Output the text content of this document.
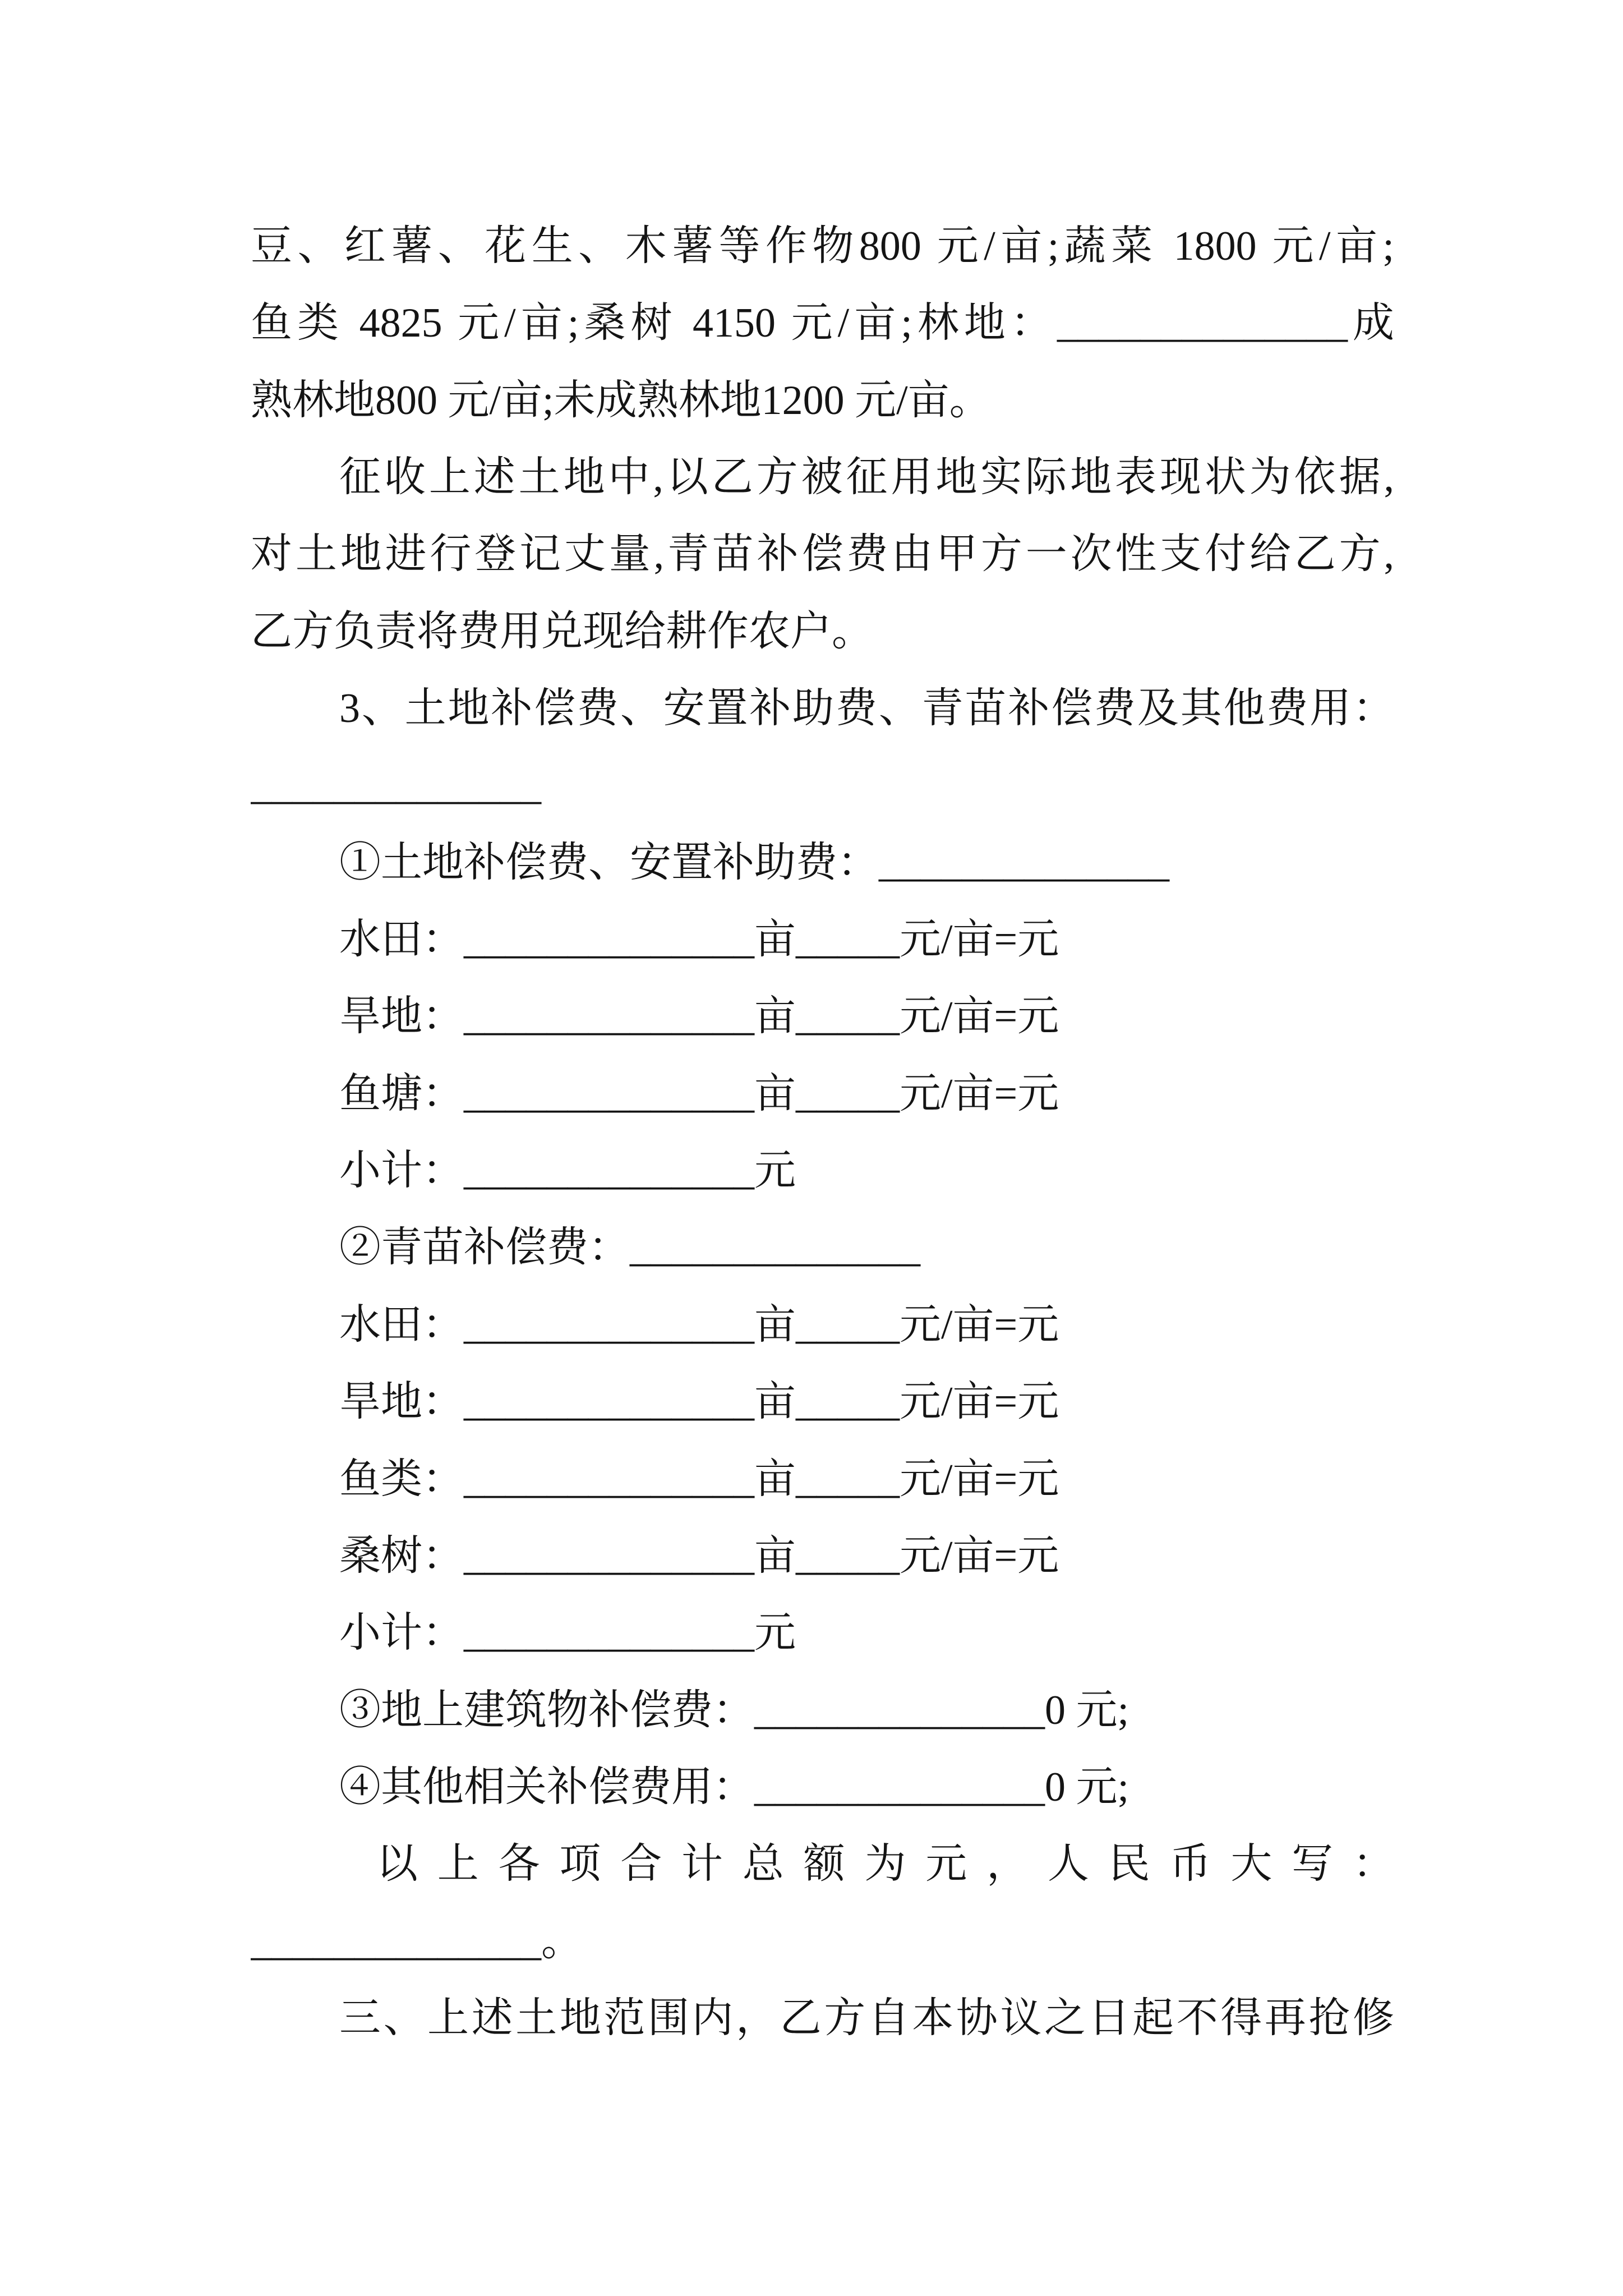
豆、红薯、花生、木薯等作物800 元/亩;蔬菜 1800 元/亩;
鱼类 4825 元/亩;桑树 4150 元/亩;林地：______________成
熟林地800 元/亩;未成熟林地1200 元/亩。
征收上述土地中,以乙方被征用地实际地表现状为依据,
对土地进行登记丈量,青苗补偿费由甲方一次性支付给乙方,
乙方负责将费用兑现给耕作农户。
3、土地补偿费、安置补助费、青苗补偿费及其他费用：
______________
①土地补偿费、安置补助费：______________
水田：______________亩_____元/亩=元
旱地：______________亩_____元/亩=元
鱼塘：______________亩_____元/亩=元
小计：______________元
②青苗补偿费：______________
水田：______________亩_____元/亩=元
旱地：______________亩_____元/亩=元
鱼类：______________亩_____元/亩=元
桑树：______________亩_____元/亩=元
小计：______________元
③地上建筑物补偿费：______________0 元;
④其他相关补偿费用：______________0 元;
以上各项合计总额为元，人民币大写：
______________。
三、上述土地范围内，乙方自本协议之日起不得再抢修
